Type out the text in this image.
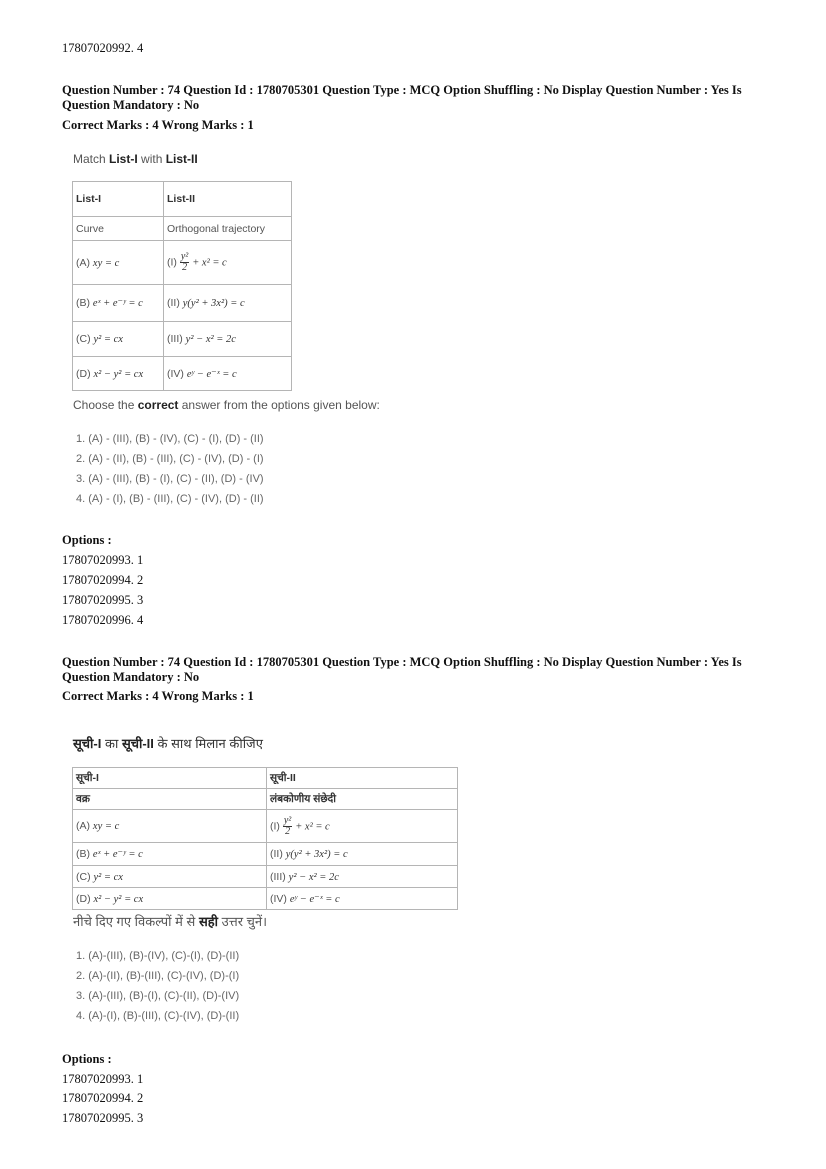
17807020992. 4
Question Number : 74 Question Id : 1780705301 Question Type : MCQ Option Shuffling : No Display Question Number : Yes Is Question Mandatory : No
Correct Marks : 4 Wrong Marks : 1
Match List-I with List-II
List-I	List-II
Curve	Orthogonal trajectory
(A) xy = c	$(I) \frac{\text{y²}}{2} + x^2 = c$
(B) eˣ + e⁻ʸ = c	(II) y(y² + 3x²) = c
(C) y² = cx	(III) y² − x² = 2c
(D) x² − y² = cx	(IV) eʸ − e⁻ˣ = c
Choose the correct answer from the options given below:
1. (A) - (III), (B) - (IV), (C) - (I), (D) - (II)
2. (A) - (II), (B) - (III), (C) - (IV), (D) - (I)
3. (A) - (III), (B) - (I), (C) - (II), (D) - (IV)
4. (A) - (I), (B) - (III), (C) - (IV), (D) - (II)
Options :
17807020993. 1
17807020994. 2
17807020995. 3
17807020996. 4
Question Number : 74 Question Id : 1780705301 Question Type : MCQ Option Shuffling : No Display Question Number : Yes Is Question Mandatory : No
Correct Marks : 4 Wrong Marks : 1
सूची-I का सूची-II के साथ मिलान कीजिए
सूची-I	सूची-II
वक्र	लंबकोणीय संछेदी
(A) xy = c	$(I) \frac{\text{y²}}{2} + x^2 = c$
(B) eˣ + e⁻ʸ = c	(II) y(y² + 3x²) = c
(C) y² = cx	(III) y² − x² = 2c
(D) x² − y² = cx	(IV) eʸ − e⁻ˣ = c
नीचे दिए गए विकल्पों में से सही उत्तर चुनें।
1. (A)-(III), (B)-(IV), (C)-(I), (D)-(II)
2. (A)-(II), (B)-(III), (C)-(IV), (D)-(I)
3. (A)-(III), (B)-(I), (C)-(II), (D)-(IV)
4. (A)-(I), (B)-(III), (C)-(IV), (D)-(II)
Options :
17807020993. 1
17807020994. 2
17807020995. 3
